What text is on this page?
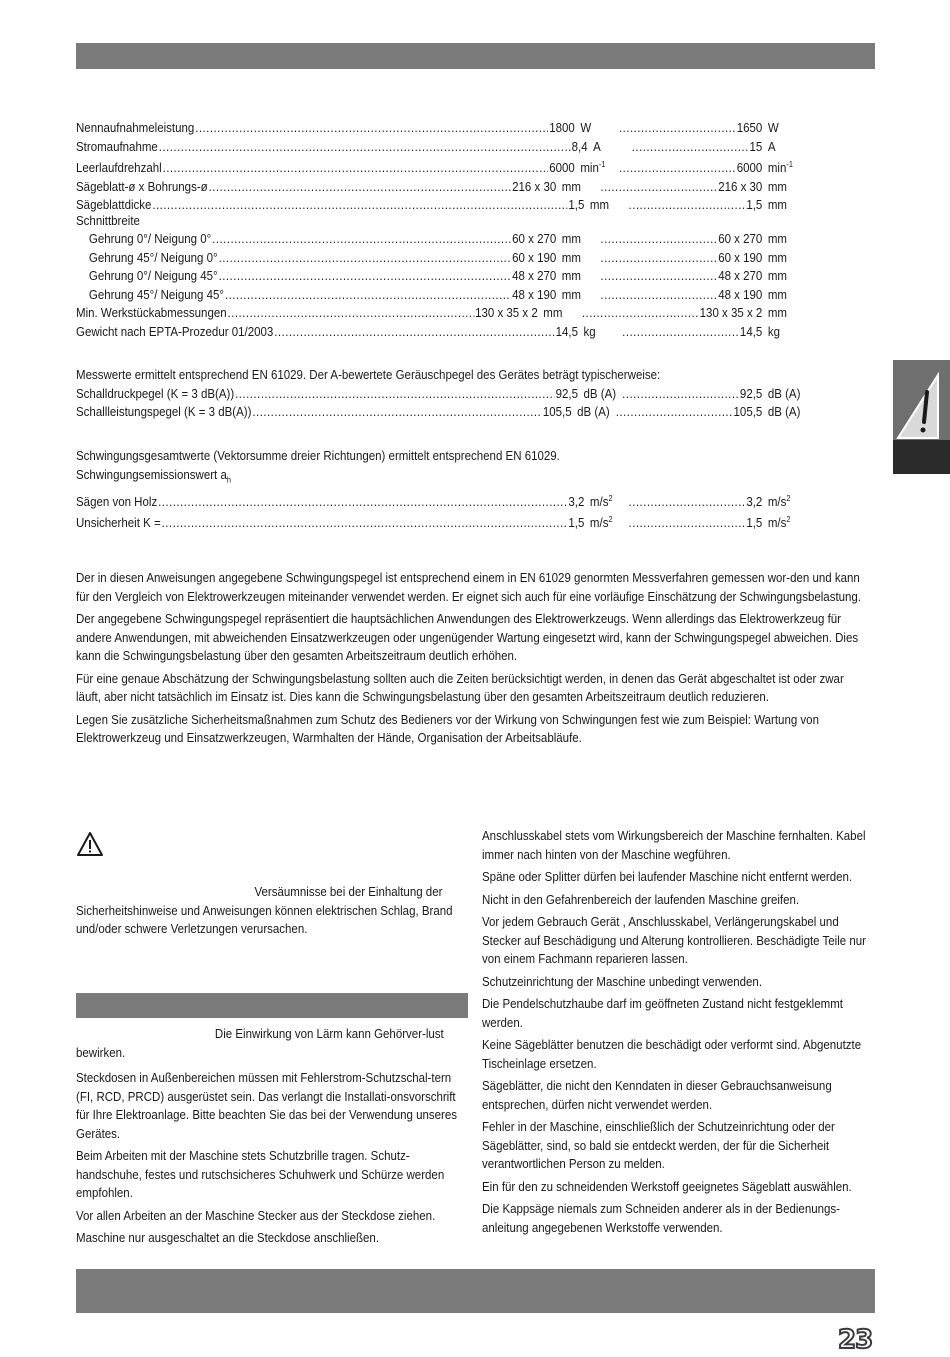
Nennaufnahmeleistung .....	1800 W .....	1650 W
Stromaufnahme .....	8,4 A .....	15 A
Leerlaufdrehzahl .....	6000 $\min^{-1}$ .....	6000 $\min^{-1}$
Sägeblatt-ø x Bohrungs-ø .....	216 x 30 mm .....	216 x 30 mm
Sägeblattdicke .....	1,5 mm .....	1,5 mm
Schnittbreite
Gehrung 0°/ Neigung 0° .....	60 x 270 mm .....	60 x 270 mm
Gehrung 45°/ Neigung 0° .....	60 x 190 mm .....	60 x 190 mm
Gehrung 0°/ Neigung 45° .....	48 x 270 mm .....	48 x 270 mm
Gehrung 45°/ Neigung 45° .....	48 x 190 mm .....	48 x 190 mm
Min. Werkstückabmessungen .....	130 x 35 x 2 mm .....	130 x 35 x 2 mm
Gewicht nach EPTA-Prozedur 01/2003 .....	14,5 kg .....	14,5 kg
Messwerte ermittelt entsprechend EN 61029. Der A-bewertete Geräuschpegel des Gerätes beträgt typischerweise:
Schalldruckpegel (K = 3 dB(A)) .....	92,5 dB (A) .....	92,5 dB (A)
Schallleistungspegel (K = 3 dB(A)) .....	105,5 dB (A) .....	105,5 dB (A)
Schwingungsgesamtwerte (Vektorsumme dreier Richtungen) ermittelt entsprechend EN 61029.
Schwingungsemissionswert $a_h$
Sägen von Holz .....	3,2 $m/s^2$ .....	3,2 $m/s^2$
Unsicherheit K = .....	1,5 $m/s^2$ .....	1,5 $m/s^2$

Der in diesen Anweisungen angegebene Schwingungspegel ist entsprechend einem in EN 61029 genormten Messverfahren gemessen wor-den und kann für den Vergleich von Elektrowerkzeugen miteinander verwendet werden. Er eignet sich auch für eine vorläufige Einschätzung der Schwingungsbelastung.

Der angegebene Schwingungspegel repräsentiert die hauptsächlichen Anwendungen des Elektrowerkzeugs. Wenn allerdings das Elektrowerkzeug für andere Anwendungen, mit abweichenden Einsatzwerkzeugen oder ungenügender Wartung eingesetzt wird, kann der Schwingungspegel abweichen. Dies kann die Schwingungsbelastung über den gesamten Arbeitszeitraum deutlich erhöhen.

Für eine genaue Abschätzung der Schwingungsbelastung sollten auch die Zeiten berücksichtigt werden, in denen das Gerät abgeschaltet ist oder zwar läuft, aber nicht tatsächlich im Einsatz ist. Dies kann die Schwingungsbelastung über den gesamten Arbeitszeitraum deutlich reduzieren.

Legen Sie zusätzliche Sicherheitsmaßnahmen zum Schutz des Bedieners vor der Wirkung von Schwingungen fest wie zum Beispiel: Wartung von Elektrowerkzeug und Einsatzwerkzeugen, Warmhalten der Hände, Organisation der Arbeitsabläufe.

Versäumnisse bei der Einhaltung der Sicherheitshinweise und Anweisungen können elektrischen Schlag, Brand und/oder schwere Verletzungen verursachen.

Die Einwirkung von Lärm kann Gehörver-lust bewirken.

Steckdosen in Außenbereichen müssen mit Fehlerstrom-Schutzschal-tern (FI, RCD, PRCD) ausgerüstet sein. Das verlangt die Installati-onsvorschrift für Ihre Elektroanlage. Bitte beachten Sie das bei der Verwendung unseres Gerätes.

Beim Arbeiten mit der Maschine stets Schutzbrille tragen. Schutz-handschuhe, festes und rutschsicheres Schuhwerk und Schürze werden empfohlen.

Vor allen Arbeiten an der Maschine Stecker aus der Steckdose ziehen.

Maschine nur ausgeschaltet an die Steckdose anschließen.

Anschlusskabel stets vom Wirkungsbereich der Maschine fernhalten. Kabel immer nach hinten von der Maschine wegführen.

Späne oder Splitter dürfen bei laufender Maschine nicht entfernt werden.

Nicht in den Gefahrenbereich der laufenden Maschine greifen.

Vor jedem Gebrauch Gerät , Anschlusskabel, Verlängerungskabel und Stecker auf Beschädigung und Alterung kontrollieren. Beschädigte Teile nur von einem Fachmann reparieren lassen.

Schutzeinrichtung der Maschine unbedingt verwenden.

Die Pendelschutzhaube darf im geöffneten Zustand nicht festgeklemmt werden.

Keine Sägeblätter benutzen die beschädigt oder verformt sind. Abgenutzte Tischeinlage ersetzen.

Sägeblätter, die nicht den Kenndaten in dieser Gebrauchsanweisung entsprechen, dürfen nicht verwendet werden.

Fehler in der Maschine, einschließlich der Schutzeinrichtung oder der Sägeblätter, sind, so bald sie entdeckt werden, der für die Sicherheit verantwortlichen Person zu melden.

Ein für den zu schneidenden Werkstoff geeignetes Sägeblatt auswählen.

Die Kappsäge niemals zum Schneiden anderer als in der Bedienungs-anleitung angegebenen Werkstoffe verwenden.

23
